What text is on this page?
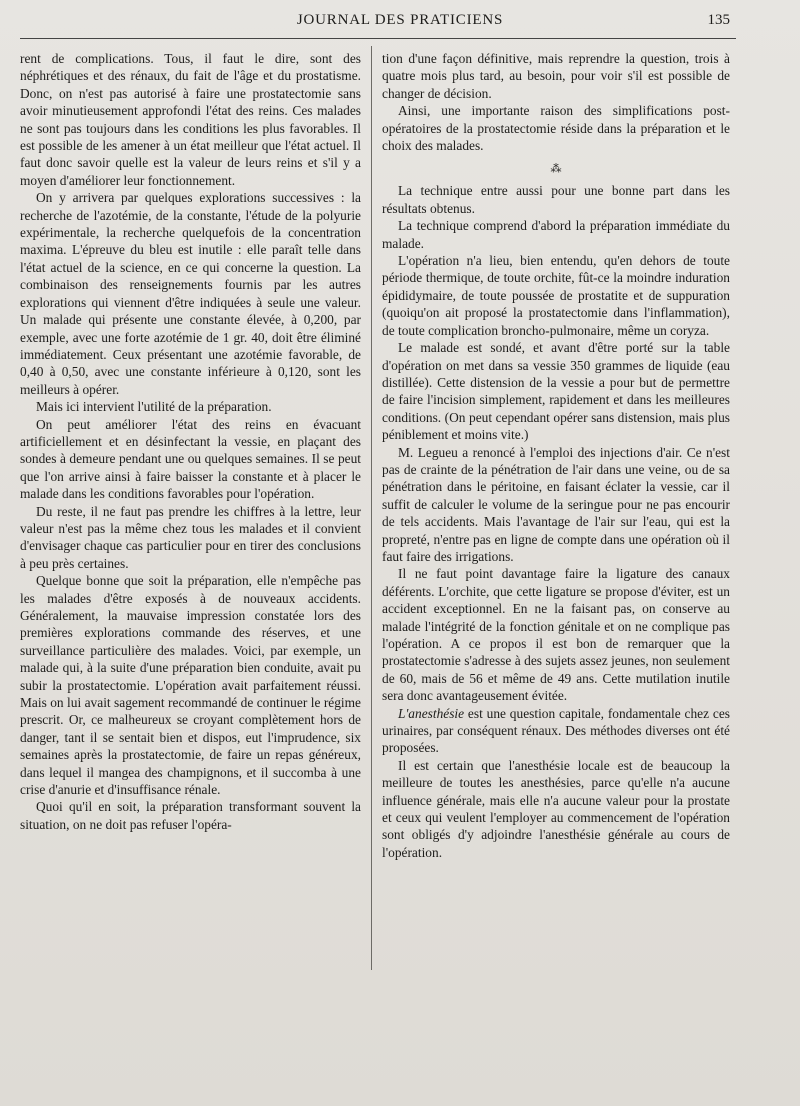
JOURNAL DES PRATICIENS	135

rent de complications. Tous, il faut le dire, sont des néphrétiques et des rénaux, du fait de l'âge et du prostatisme. Donc, on n'est pas autorisé à faire une prostatectomie sans avoir minutieusement approfondi l'état des reins. Ces malades ne sont pas toujours dans les conditions les plus favorables. Il est possible de les amener à un état meilleur que l'état actuel. Il faut donc savoir quelle est la valeur de leurs reins et s'il y a moyen d'améliorer leur fonctionnement.

On y arrivera par quelques explorations successives : la recherche de l'azotémie, de la constante, l'étude de la polyurie expérimentale, la recherche quelquefois de la concentration maxima. L'épreuve du bleu est inutile : elle paraît telle dans l'état actuel de la science, en ce qui concerne la question. La combinaison des renseignements fournis par les autres explorations qui viennent d'être indiquées à seule une valeur. Un malade qui présente une constante élevée, à 0,200, par exemple, avec une forte azotémie de 1 gr. 40, doit être éliminé immédiatement. Ceux présentant une azotémie favorable, de 0,40 à 0,50, avec une constante inférieure à 0,120, sont les meilleurs à opérer.

Mais ici intervient l'utilité de la préparation.

On peut améliorer l'état des reins en évacuant artificiellement et en désinfectant la vessie, en plaçant des sondes à demeure pendant une ou quelques semaines. Il se peut que l'on arrive ainsi à faire baisser la constante et à placer le malade dans les conditions favorables pour l'opération.

Du reste, il ne faut pas prendre les chiffres à la lettre, leur valeur n'est pas la même chez tous les malades et il convient d'envisager chaque cas particulier pour en tirer des conclusions à peu près certaines.

Quelque bonne que soit la préparation, elle n'empêche pas les malades d'être exposés à de nouveaux accidents. Généralement, la mauvaise impression constatée lors des premières explorations commande des réserves, et une surveillance particulière des malades. Voici, par exemple, un malade qui, à la suite d'une préparation bien conduite, avait pu subir la prostatectomie. L'opération avait parfaitement réussi. Mais on lui avait sagement recommandé de continuer le régime prescrit. Or, ce malheureux se croyant complètement hors de danger, tant il se sentait bien et dispos, eut l'imprudence, six semaines après la prostatectomie, de faire un repas généreux, dans lequel il mangea des champignons, et il succomba à une crise d'anurie et d'insuffisance rénale.

Quoi qu'il en soit, la préparation transformant souvent la situation, on ne doit pas refuser l'opéra-

tion d'une façon définitive, mais reprendre la question, trois à quatre mois plus tard, au besoin, pour voir s'il est possible de changer de décision.

Ainsi, une importante raison des simplifications post-opératoires de la prostatectomie réside dans la préparation et le choix des malades.

⁂

La technique entre aussi pour une bonne part dans les résultats obtenus.

La technique comprend d'abord la préparation immédiate du malade.

L'opération n'a lieu, bien entendu, qu'en dehors de toute période thermique, de toute orchite, fût-ce la moindre induration épididymaire, de toute poussée de prostatite et de suppuration (quoiqu'on ait proposé la prostatectomie dans l'inflammation), de toute complication broncho-pulmonaire, même un coryza.

Le malade est sondé, et avant d'être porté sur la table d'opération on met dans sa vessie 350 grammes de liquide (eau distillée). Cette distension de la vessie a pour but de permettre de faire l'incision simplement, rapidement et dans les meilleures conditions. (On peut cependant opérer sans distension, mais plus péniblement et moins vite.)

M. Legueu a renoncé à l'emploi des injections d'air. Ce n'est pas de crainte de la pénétration de l'air dans une veine, ou de sa pénétration dans le péritoine, en faisant éclater la vessie, car il suffit de calculer le volume de la seringue pour ne pas encourir de tels accidents. Mais l'avantage de l'air sur l'eau, qui est la propreté, n'entre pas en ligne de compte dans une opération où il faut faire des irrigations.

Il ne faut point davantage faire la ligature des canaux déférents. L'orchite, que cette ligature se propose d'éviter, est un accident exceptionnel. En ne la faisant pas, on conserve au malade l'intégrité de la fonction génitale et on ne complique pas l'opération. A ce propos il est bon de remarquer que la prostatectomie s'adresse à des sujets assez jeunes, non seulement de 60, mais de 56 et même de 49 ans. Cette mutilation inutile sera donc avantageusement évitée.

L'anesthésie est une question capitale, fondamentale chez ces urinaires, par conséquent rénaux. Des méthodes diverses ont été proposées.

Il est certain que l'anesthésie locale est de beaucoup la meilleure de toutes les anesthésies, parce qu'elle n'a aucune influence générale, mais elle n'a aucune valeur pour la prostate et ceux qui veulent l'employer au commencement de l'opération sont obligés d'y adjoindre l'anesthésie générale au cours de l'opération.
